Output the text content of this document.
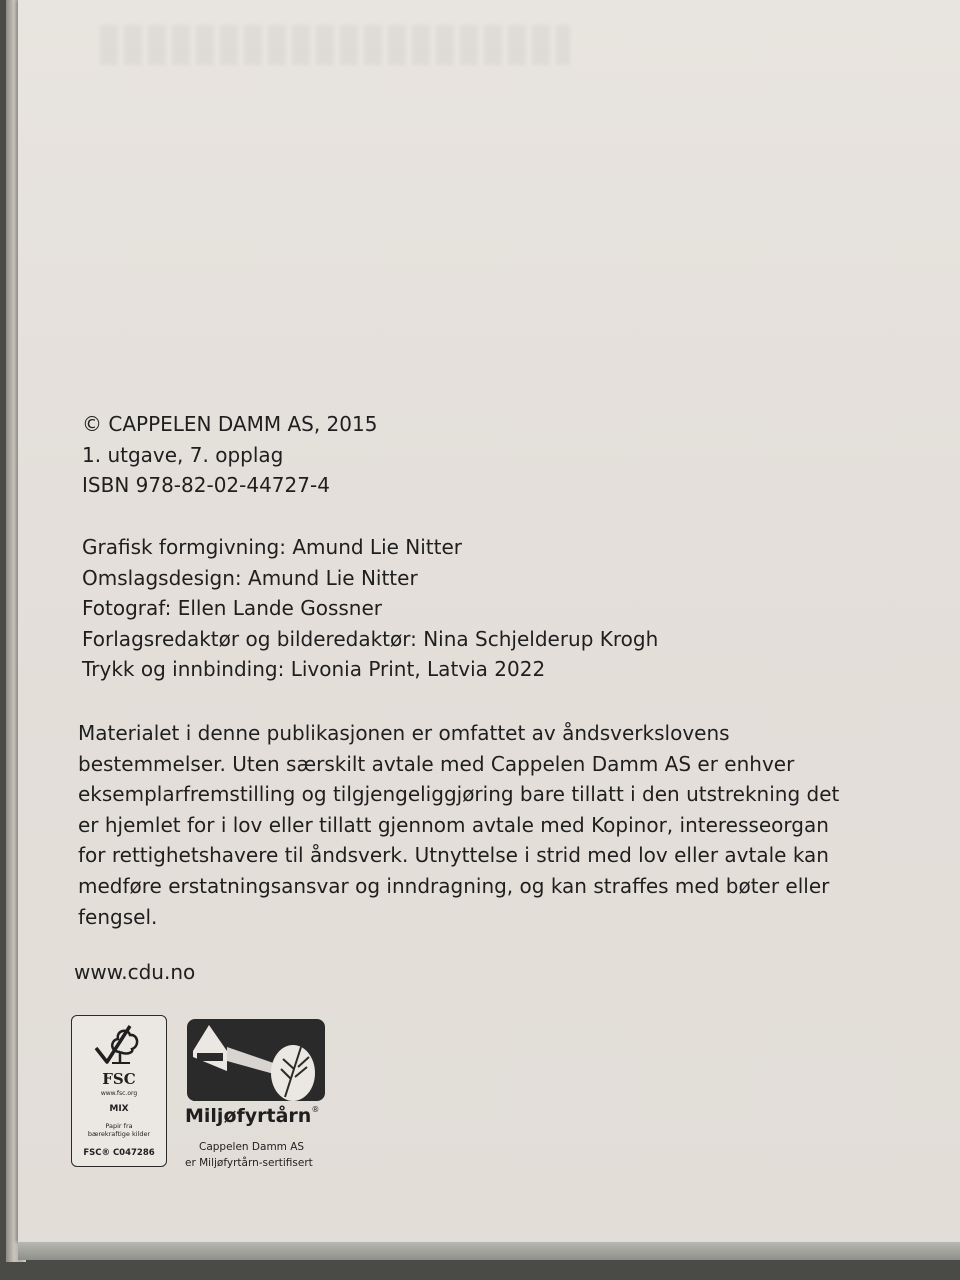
© CAPPELEN DAMM AS, 2015
1. utgave, 7. opplag
ISBN 978-82-02-44727-4
Grafisk formgivning: Amund Lie Nitter
Omslagsdesign: Amund Lie Nitter
Fotograf: Ellen Lande Gossner
Forlagsredaktør og bilderedaktør: Nina Schjelderup Krogh
Trykk og innbinding: Livonia Print, Latvia 2022
Materialet i denne publikasjonen er omfattet av åndsverkslovens
bestemmelser. Uten særskilt avtale med Cappelen Damm AS er enhver
eksemplarfremstilling og tilgjengeliggjøring bare tillatt i den utstrekning det
er hjemlet for i lov eller tillatt gjennom avtale med Kopinor, interesseorgan
for rettighetshavere til åndsverk. Utnyttelse i strid med lov eller avtale kan
medføre erstatningsansvar og inndragning, og kan straffes med bøter eller
fengsel.
www.cdu.no
FSC
www.fsc.org
MIX
Papir fra
bærekraftige kilder
FSC® C047286
Miljøfyrtårn®
Cappelen Damm AS
er Miljøfyrtårn-sertifisert
